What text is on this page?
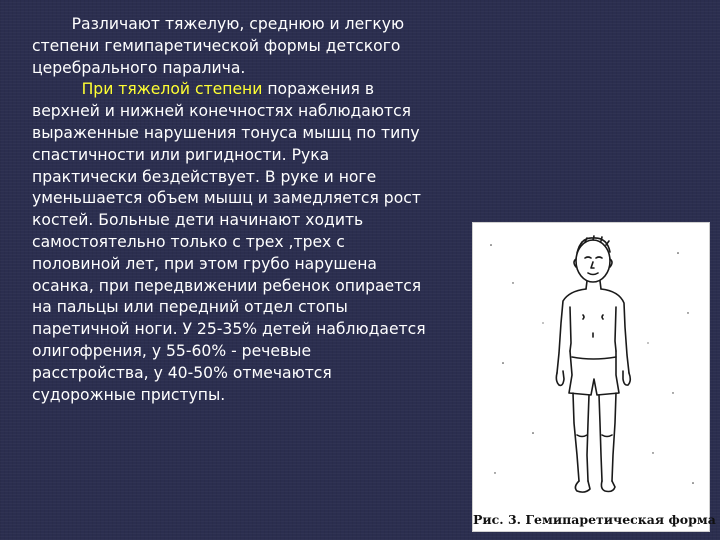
Различают тяжелую, среднюю и легкую
степени гемипаретической формы детского
церебрального паралича.
При тяжелой степени поражения в
верхней и нижней конечностях наблюдаются
выраженные нарушения тонуса мышц по типу
спастичности или ригидности. Рука
практически бездействует. В руке и ноге
уменьшается объем мышц и замедляется рост
костей. Больные дети начинают ходить
самостоятельно только с трех ,трех с
половиной лет, при этом грубо нарушена
осанка, при передвижении ребенок опирается
на пальцы или передний отдел стопы
паретичной ноги. У 25-35% детей наблюдается
олигофрения, у 55-60% - речевые
расстройства, у 40-50% отмечаются
судорожные приступы.
Рис. 3. Гемипаретическая форма
